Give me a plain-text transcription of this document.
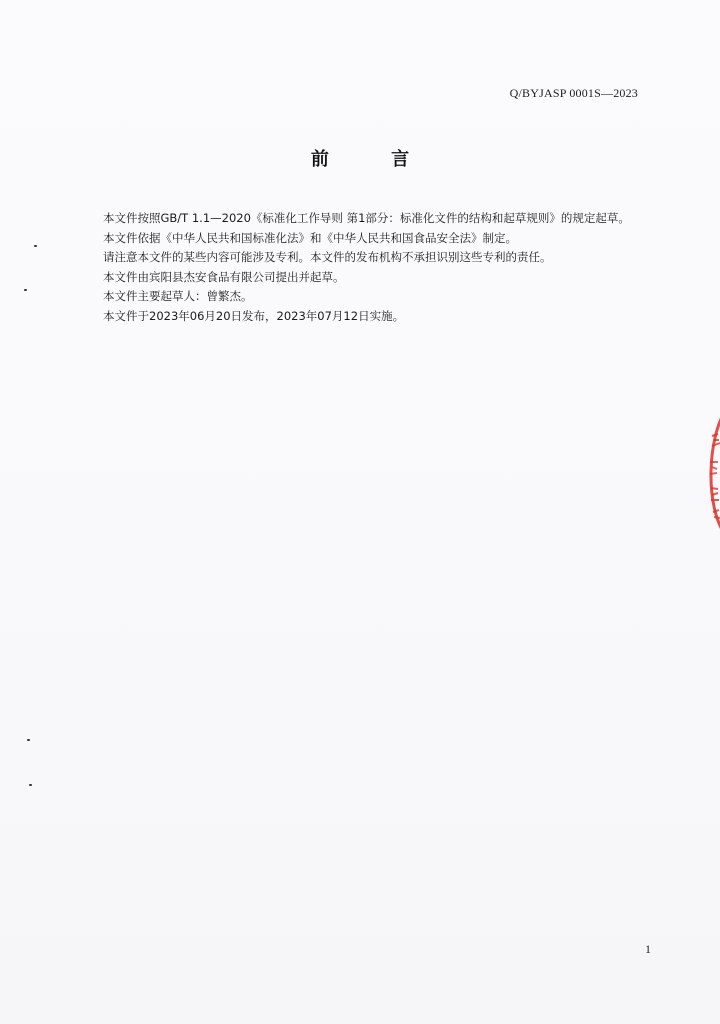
Q/BYJASP 0001S—2023
前 言

本文件按照GB/T 1.1—2020《标准化工作导则 第1部分：标准化文件的结构和起草规则》的规定起草。

本文件依据《中华人民共和国标准化法》和《中华人民共和国食品安全法》制定。

请注意本文件的某些内容可能涉及专利。本文件的发布机构不承担识别这些专利的责任。

本文件由宾阳县杰安食品有限公司提出并起草。

本文件主要起草人：曾繁杰。

本文件于2023年06月20日发布，2023年07月12日实施。

1
